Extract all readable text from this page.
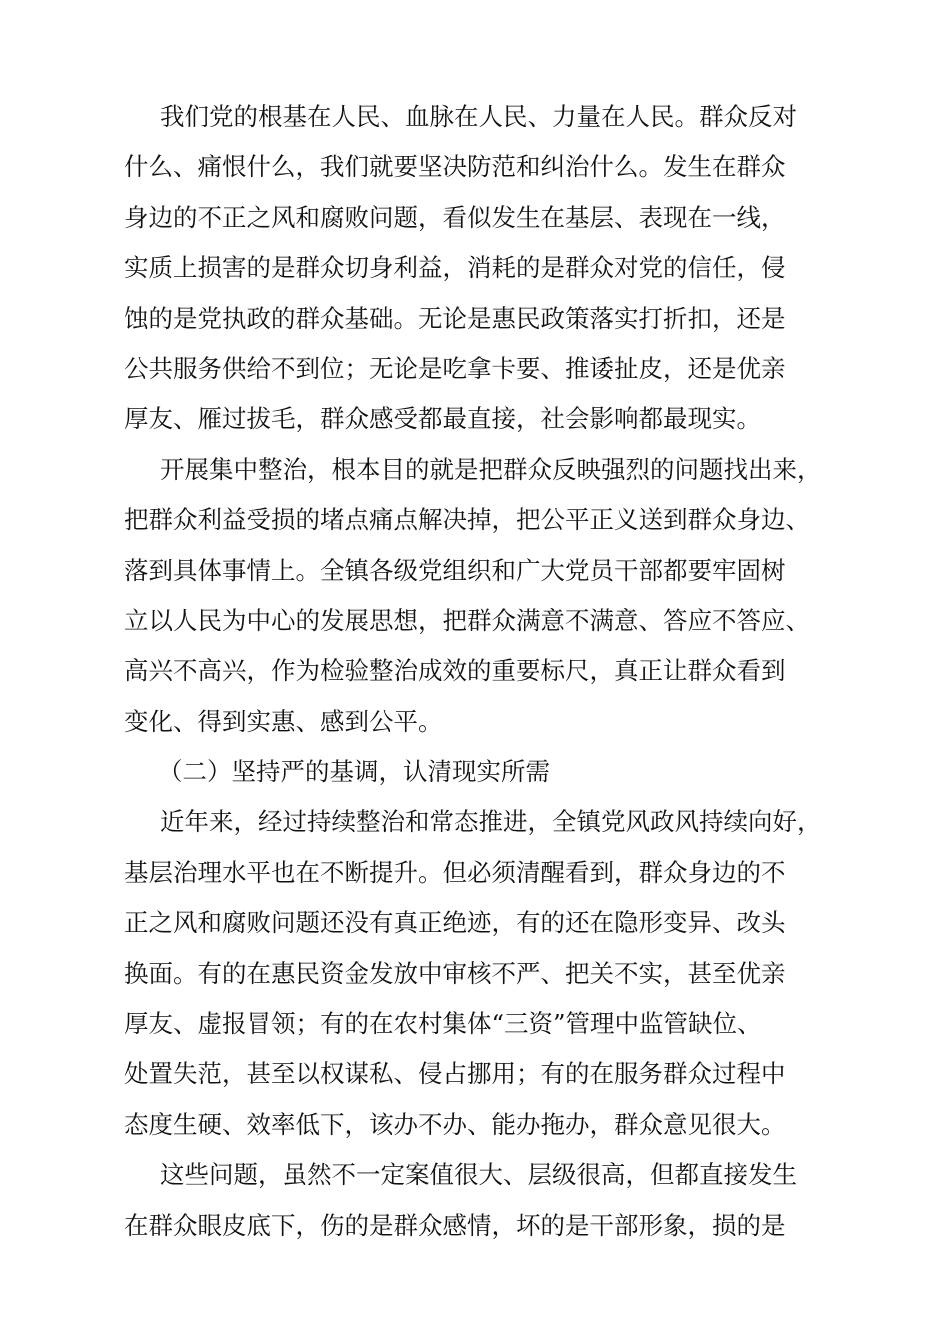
我们党的根基在人民、血脉在人民、力量在人民。群众反对
什么、痛恨什么，我们就要坚决防范和纠治什么。发生在群众
身边的不正之风和腐败问题，看似发生在基层、表现在一线，
实质上损害的是群众切身利益，消耗的是群众对党的信任，侵
蚀的是党执政的群众基础。无论是惠民政策落实打折扣，还是
公共服务供给不到位；无论是吃拿卡要、推诿扯皮，还是优亲
厚友、雁过拔毛，群众感受都最直接，社会影响都最现实。
开展集中整治，根本目的就是把群众反映强烈的问题找出来，
把群众利益受损的堵点痛点解决掉，把公平正义送到群众身边、
落到具体事情上。全镇各级党组织和广大党员干部都要牢固树
立以人民为中心的发展思想，把群众满意不满意、答应不答应、
高兴不高兴，作为检验整治成效的重要标尺，真正让群众看到
变化、得到实惠、感到公平。
（二）坚持严的基调，认清现实所需
近年来，经过持续整治和常态推进，全镇党风政风持续向好，
基层治理水平也在不断提升。但必须清醒看到，群众身边的不
正之风和腐败问题还没有真正绝迹，有的还在隐形变异、改头
换面。有的在惠民资金发放中审核不严、把关不实，甚至优亲
厚友、虚报冒领；有的在农村集体“三资”管理中监管缺位、
处置失范，甚至以权谋私、侵占挪用；有的在服务群众过程中
态度生硬、效率低下，该办不办、能办拖办，群众意见很大。
这些问题，虽然不一定案值很大、层级很高，但都直接发生
在群众眼皮底下，伤的是群众感情，坏的是干部形象，损的是
